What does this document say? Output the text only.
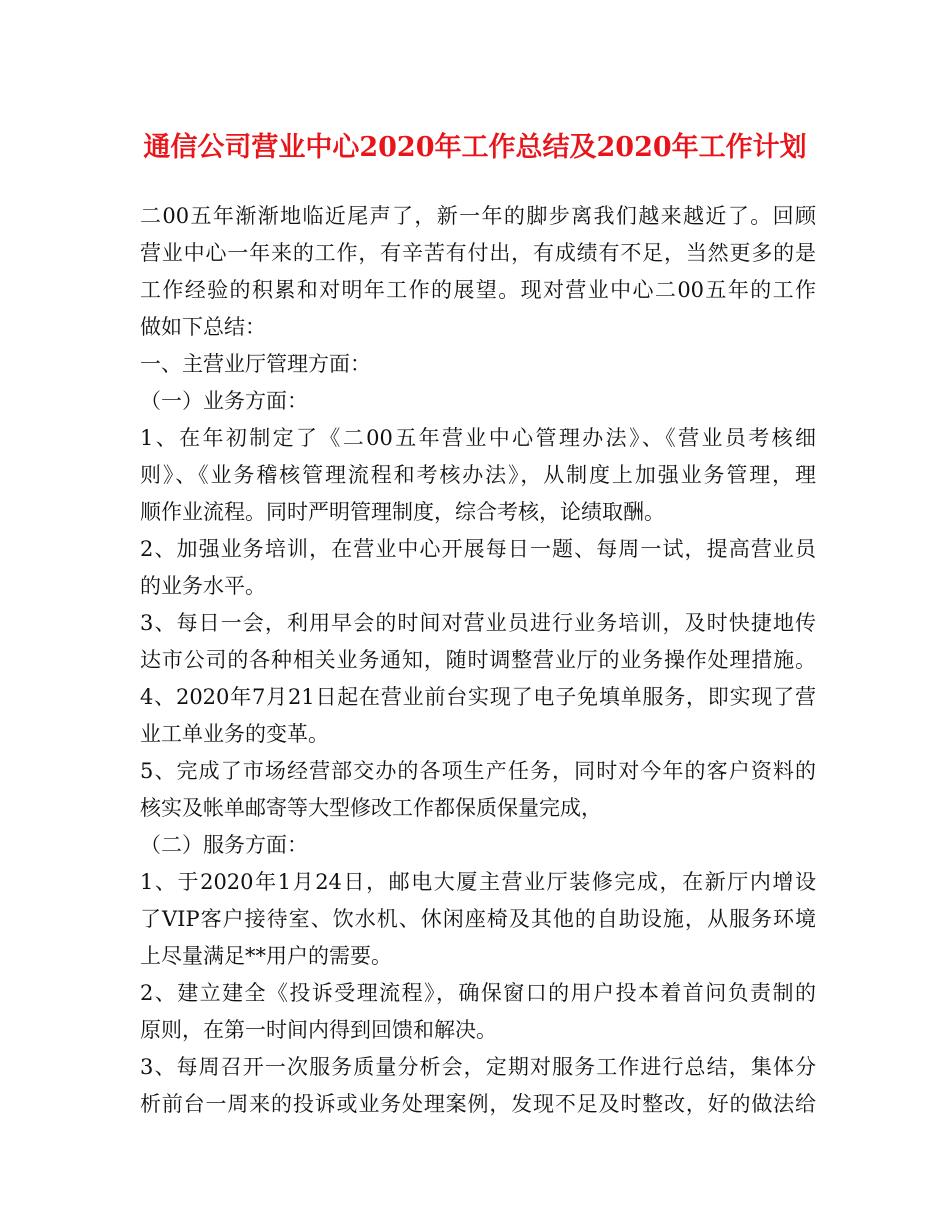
通信公司营业中心2020年工作总结及2020年工作计划
二00五年渐渐地临近尾声了，新一年的脚步离我们越来越近了。回顾
营业中心一年来的工作，有辛苦有付出，有成绩有不足，当然更多的是
工作经验的积累和对明年工作的展望。现对营业中心二00五年的工作
做如下总结：
一、主营业厅管理方面：
（一）业务方面：
1、在年初制定了《二00五年营业中心管理办法》、《营业员考核细
则》、《业务稽核管理流程和考核办法》，从制度上加强业务管理，理
顺作业流程。同时严明管理制度，综合考核，论绩取酬。
2、加强业务培训，在营业中心开展每日一题、每周一试，提高营业员
的业务水平。
3、每日一会，利用早会的时间对营业员进行业务培训，及时快捷地传
达市公司的各种相关业务通知，随时调整营业厅的业务操作处理措施。
4、2020年7月21日起在营业前台实现了电子免填单服务，即实现了营
业工单业务的变革。
5、完成了市场经营部交办的各项生产任务，同时对今年的客户资料的
核实及帐单邮寄等大型修改工作都保质保量完成，
（二）服务方面：
1、于2020年1月24日，邮电大厦主营业厅装修完成，在新厅内增设
了VIP客户接待室、饮水机、休闲座椅及其他的自助设施，从服务环境
上尽量满足**用户的需要。
2、建立建全《投诉受理流程》，确保窗口的用户投本着首问负责制的
原则，在第一时间内得到回馈和解决。
3、每周召开一次服务质量分析会，定期对服务工作进行总结，集体分
析前台一周来的投诉或业务处理案例，发现不足及时整改，好的做法给
